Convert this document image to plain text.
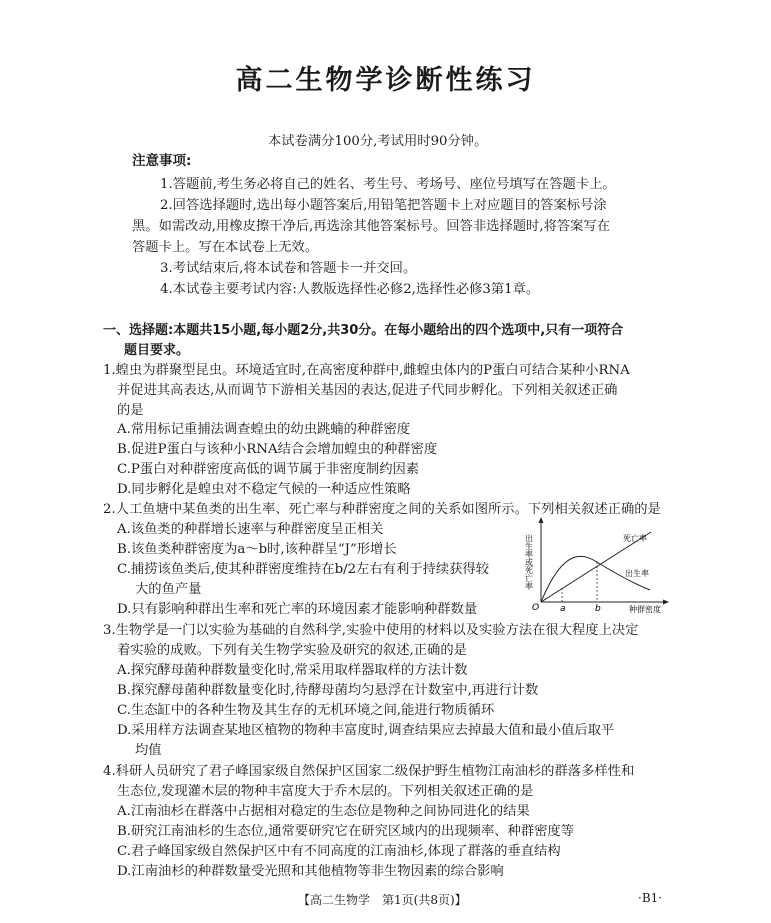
高二生物学诊断性练习
本试卷满分100分,考试用时90分钟。
注意事项:
1.答题前,考生务必将自己的姓名、考生号、考场号、座位号填写在答题卡上。
2.回答选择题时,选出每小题答案后,用铅笔把答题卡上对应题目的答案标号涂
黑。如需改动,用橡皮擦干净后,再选涂其他答案标号。回答非选择题时,将答案写在
答题卡上。写在本试卷上无效。
3.考试结束后,将本试卷和答题卡一并交回。
4.本试卷主要考试内容:人教版选择性必修2,选择性必修3第1章。
一、选择题:本题共15小题,每小题2分,共30分。在每小题给出的四个选项中,只有一项符合
题目要求。
1.蝗虫为群聚型昆虫。环境适宜时,在高密度种群中,雌蝗虫体内的P蛋白可结合某种小RNA
并促进其高表达,从而调节下游相关基因的表达,促进子代同步孵化。下列相关叙述正确
的是
A.常用标记重捕法调查蝗虫的幼虫跳蝻的种群密度
B.促进P蛋白与该种小RNA结合会增加蝗虫的种群密度
C.P蛋白对种群密度高低的调节属于非密度制约因素
D.同步孵化是蝗虫对不稳定气候的一种适应性策略
2.人工鱼塘中某鱼类的出生率、死亡率与种群密度之间的关系如图所示。下列相关叙述正确的是
A.该鱼类的种群增长速率与种群密度呈正相关
B.该鱼类种群密度为a～b时,该种群呈“J”形增长
C.捕捞该鱼类后,使其种群密度维持在b/2左右有利于持续获得较
大的鱼产量
D.只有影响种群出生率和死亡率的环境因素才能影响种群数量
出生率或死亡率
O a	b	种群密度
死亡率
出生率
3.生物学是一门以实验为基础的自然科学,实验中使用的材料以及实验方法在很大程度上决定
着实验的成败。下列有关生物学实验及研究的叙述,正确的是
A.探究酵母菌种群数量变化时,常采用取样器取样的方法计数
B.探究酵母菌种群数量变化时,待酵母菌均匀悬浮在计数室中,再进行计数
C.生态缸中的各种生物及其生存的无机环境之间,能进行物质循环
D.采用样方法调查某地区植物的物种丰富度时,调查结果应去掉最大值和最小值后取平
均值
4.科研人员研究了君子峰国家级自然保护区国家二级保护野生植物江南油杉的群落多样性和
生态位,发现灌木层的物种丰富度大于乔木层的。下列相关叙述正确的是
A.江南油杉在群落中占据相对稳定的生态位是物种之间协同进化的结果
B.研究江南油杉的生态位,通常要研究它在研究区域内的出现频率、种群密度等
C.君子峰国家级自然保护区中有不同高度的江南油杉,体现了群落的垂直结构
D.江南油杉的种群数量受光照和其他植物等非生物因素的综合影响
【高二生物学　第1页(共8页)】	·B1·
